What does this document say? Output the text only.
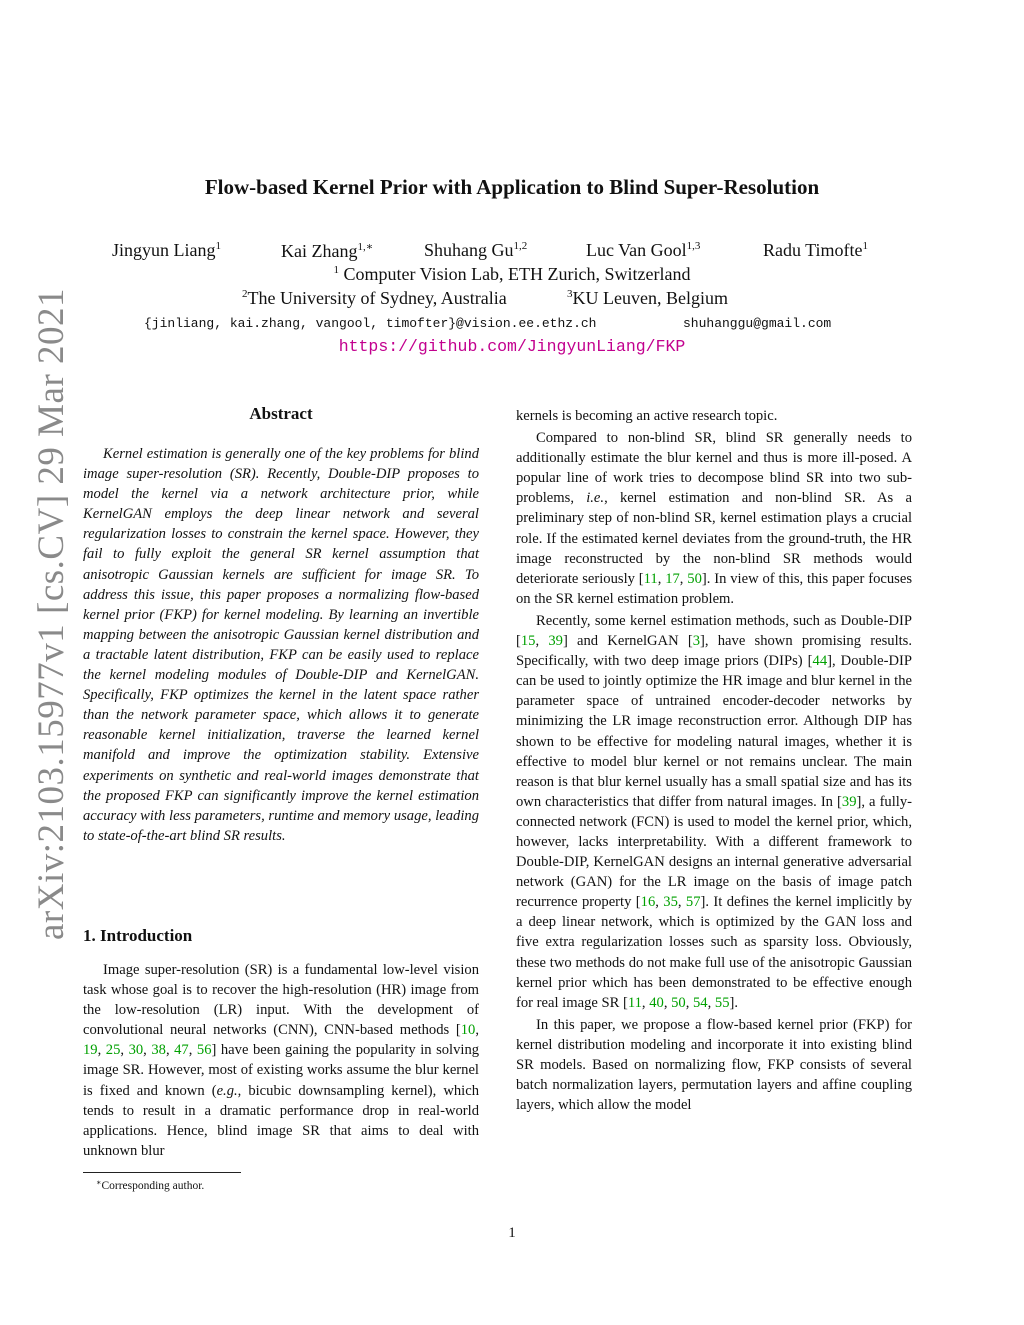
arXiv:2103.15977v1 [cs.CV] 29 Mar 2021
Flow-based Kernel Prior with Application to Blind Super-Resolution
Jingyun Liang$^1$	Kai Zhang$^{1,∗}$	Shuhang Gu$^{1,2}$	Luc Van Gool$^{1,3}$	Radu Timofte$^1$
$^1$ Computer Vision Lab, ETH Zurich, Switzerland
$^2$ The University of Sydney, Australia	$^3$ KU Leuven, Belgium
{jinliang, kai.zhang, vangool, timofter}@vision.ee.ethz.ch	shuhanggu@gmail.com
https://github.com/JingyunLiang/FKP
Abstract

Kernel estimation is generally one of the key problems for blind image super-resolution (SR). Recently, Double-DIP proposes to model the kernel via a network architecture prior, while KernelGAN employs the deep linear network and several regularization losses to constrain the kernel space. However, they fail to fully exploit the general SR kernel assumption that anisotropic Gaussian kernels are sufficient for image SR. To address this issue, this paper proposes a normalizing flow-based kernel prior (FKP) for kernel modeling. By learning an invertible mapping between the anisotropic Gaussian kernel distribution and a tractable latent distribution, FKP can be easily used to replace the kernel modeling modules of Double-DIP and KernelGAN. Specifically, FKP optimizes the kernel in the latent space rather than the network parameter space, which allows it to generate reasonable kernel initialization, traverse the learned kernel manifold and improve the optimization stability. Extensive experiments on synthetic and real-world images demonstrate that the proposed FKP can significantly improve the kernel estimation accuracy with less parameters, runtime and memory usage, leading to state-of-the-art blind SR results.

1. Introduction

Image super-resolution (SR) is a fundamental low-level vision task whose goal is to recover the high-resolution (HR) image from the low-resolution (LR) input. With the development of convolutional neural networks (CNN), CNN-based methods [10, 19, 25, 30, 38, 47, 56] have been gaining the popularity in solving image SR. However, most of existing works assume the blur kernel is fixed and known (e.g., bicubic downsampling kernel), which tends to result in a dramatic performance drop in real-world applications. Hence, blind image SR that aims to deal with unknown blur

kernels is becoming an active research topic.

Compared to non-blind SR, blind SR generally needs to additionally estimate the blur kernel and thus is more ill-posed. A popular line of work tries to decompose blind SR into two sub-problems, i.e., kernel estimation and non-blind SR. As a preliminary step of non-blind SR, kernel estimation plays a crucial role. If the estimated kernel deviates from the ground-truth, the HR image reconstructed by the non-blind SR methods would deteriorate seriously [11, 17, 50]. In view of this, this paper focuses on the SR kernel estimation problem.

Recently, some kernel estimation methods, such as Double-DIP [15, 39] and KernelGAN [3], have shown promising results. Specifically, with two deep image priors (DIPs) [44], Double-DIP can be used to jointly optimize the HR image and blur kernel in the parameter space of untrained encoder-decoder networks by minimizing the LR image reconstruction error. Although DIP has shown to be effective for modeling natural images, whether it is effective to model blur kernel or not remains unclear. The main reason is that blur kernel usually has a small spatial size and has its own characteristics that differ from natural images. In [39], a fully-connected network (FCN) is used to model the kernel prior, which, however, lacks interpretability. With a different framework to Double-DIP, KernelGAN designs an internal generative adversarial network (GAN) for the LR image on the basis of image patch recurrence property [16, 35, 57]. It defines the kernel implicitly by a deep linear network, which is optimized by the GAN loss and five extra regularization losses such as sparsity loss. Obviously, these two methods do not make full use of the anisotropic Gaussian kernel prior which has been demonstrated to be effective enough for real image SR [11, 40, 50, 54, 55].

In this paper, we propose a flow-based kernel prior (FKP) for kernel distribution modeling and incorporate it into existing blind SR models. Based on normalizing flow, FKP consists of several batch normalization layers, permutation layers and affine coupling layers, which allow the model

∗Corresponding author.
1
